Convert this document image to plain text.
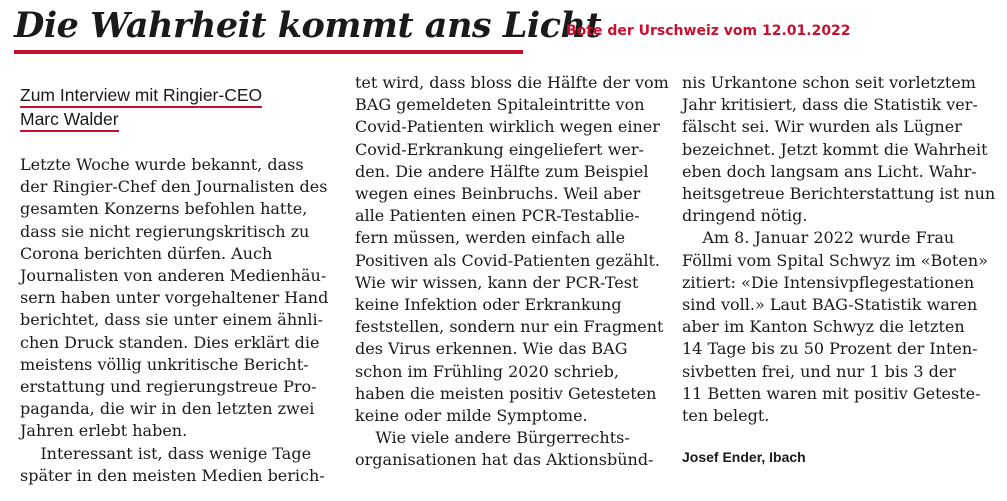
Die Wahrheit kommt ans Licht
Bote der Urschweiz vom 12.01.2022
Zum Interview mit Ringier-CEO
Marc Walder

Letzte Woche wurde bekannt, dass

der Ringier-Chef den Journalisten des

gesamten Konzerns befohlen hatte,

dass sie nicht regierungskritisch zu

Corona berichten dürfen. Auch

Journalisten von anderen Medienhäu-

sern haben unter vorgehaltener Hand

berichtet, dass sie unter einem ähnli-

chen Druck standen. Dies erklärt die

meistens völlig unkritische Bericht-

erstattung und regierungstreue Pro-

paganda, die wir in den letzten zwei

Jahren erlebt haben.

Interessant ist, dass wenige Tage

später in den meisten Medien berich-

tet wird, dass bloss die Hälfte der vom

BAG gemeldeten Spitaleintritte von

Covid-Patienten wirklich wegen einer

Covid-Erkrankung eingeliefert wer-

den. Die andere Hälfte zum Beispiel

wegen eines Beinbruchs. Weil aber

alle Patienten einen PCR-Testablie-

fern müssen, werden einfach alle

Positiven als Covid-Patienten gezählt.

Wie wir wissen, kann der PCR-Test

keine Infektion oder Erkrankung

feststellen, sondern nur ein Fragment

des Virus erkennen. Wie das BAG

schon im Frühling 2020 schrieb,

haben die meisten positiv Getesteten

keine oder milde Symptome.

Wie viele andere Bürgerrechts-

organisationen hat das Aktionsbünd-

nis Urkantone schon seit vorletztem

Jahr kritisiert, dass die Statistik ver-

fälscht sei. Wir wurden als Lügner

bezeichnet. Jetzt kommt die Wahrheit

eben doch langsam ans Licht. Wahr-

heitsgetreue Berichterstattung ist nun

dringend nötig.

Am 8. Januar 2022 wurde Frau

Föllmi vom Spital Schwyz im «Boten»

zitiert: «Die Intensivpflegestationen

sind voll.» Laut BAG-Statistik waren

aber im Kanton Schwyz die letzten

14 Tage bis zu 50 Prozent der Inten-

sivbetten frei, und nur 1 bis 3 der

11 Betten waren mit positiv Geteste-

ten belegt.

Josef Ender, Ibach
